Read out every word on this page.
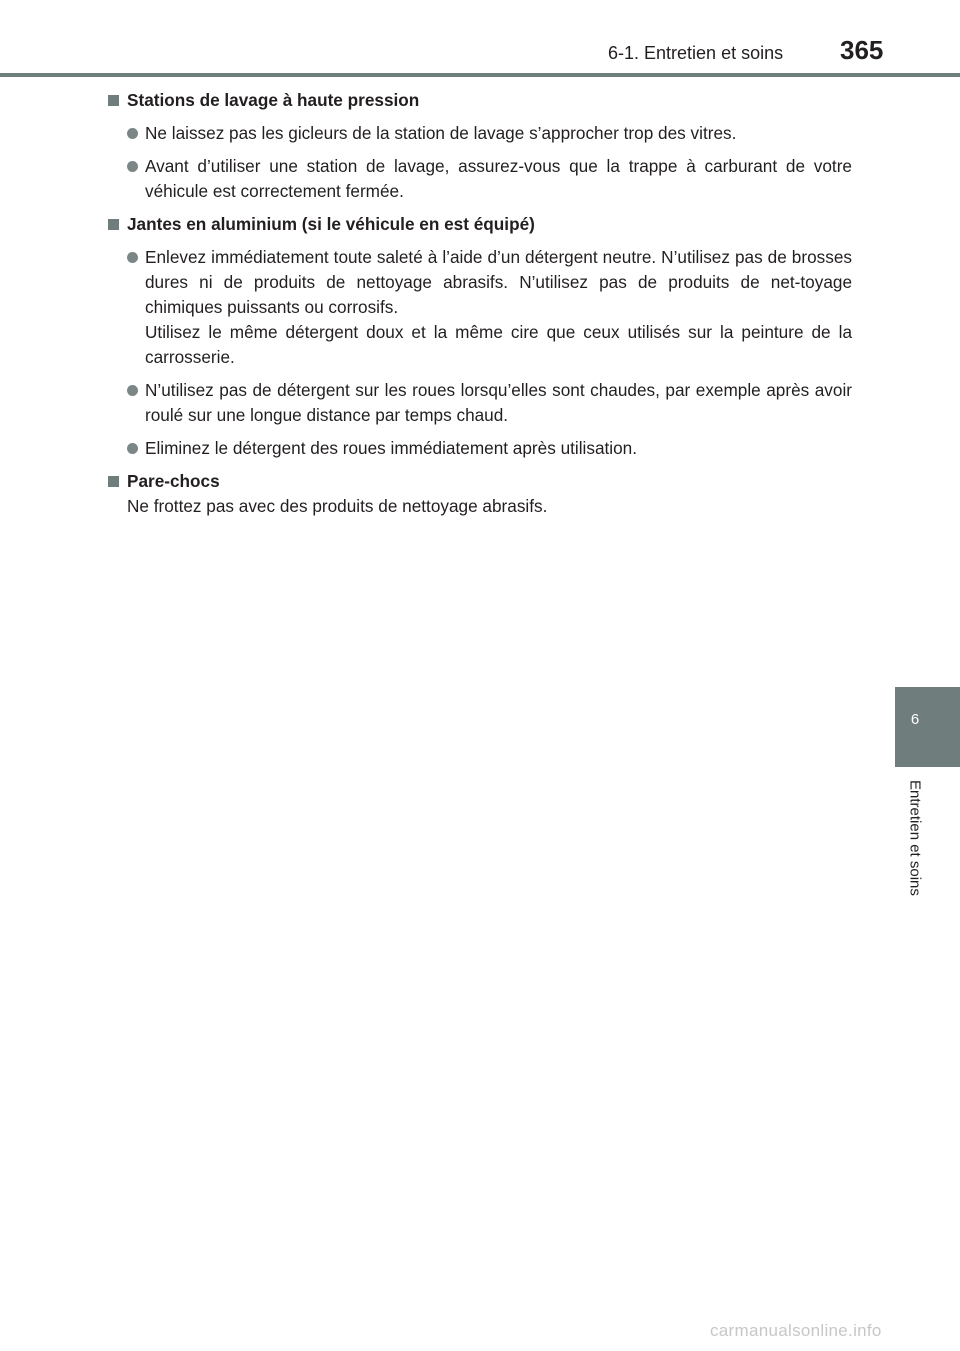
6-1. Entretien et soins 365
6
Entretien et soins
Stations de lavage à haute pression

Ne laissez pas les gicleurs de la station de lavage s’approcher trop des vitres.

Avant d’utiliser une station de lavage, assurez-vous que la trappe à carburant de votre véhicule est correctement fermée.

Jantes en aluminium (si le véhicule en est équipé)

Enlevez immédiatement toute saleté à l’aide d’un détergent neutre. N’utilisez pas de brosses dures ni de produits de nettoyage abrasifs. N’utilisez pas de produits de net-toyage chimiques puissants ou corrosifs.

Utilisez le même détergent doux et la même cire que ceux utilisés sur la peinture de la carrosserie.

N’utilisez pas de détergent sur les roues lorsqu’elles sont chaudes, par exemple après avoir roulé sur une longue distance par temps chaud.

Eliminez le détergent des roues immédiatement après utilisation.

Pare-chocs
Ne frottez pas avec des produits de nettoyage abrasifs.
carmanualsonline.info
